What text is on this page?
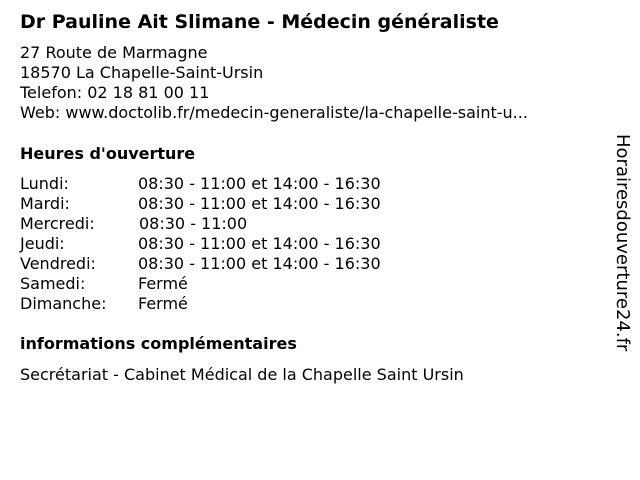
Dr Pauline Ait Slimane - Médecin généraliste
27 Route de Marmagne
18570 La Chapelle-Saint-Ursin
Telefon: 02 18 81 00 11
Web: www.doctolib.fr/medecin-generaliste/la-chapelle-saint-u...
Heures d'ouverture
Lundi:	08:30 - 11:00 et 14:00 - 16:30
Mardi:	08:30 - 11:00 et 14:00 - 16:30
Mercredi:	08:30 - 11:00
Jeudi:	08:30 - 11:00 et 14:00 - 16:30
Vendredi:	08:30 - 11:00 et 14:00 - 16:30
Samedi:	Fermé
Dimanche: Fermé
informations complémentaires
Secrétariat - Cabinet Médical de la Chapelle Saint Ursin
Horairesdouverture24.fr
